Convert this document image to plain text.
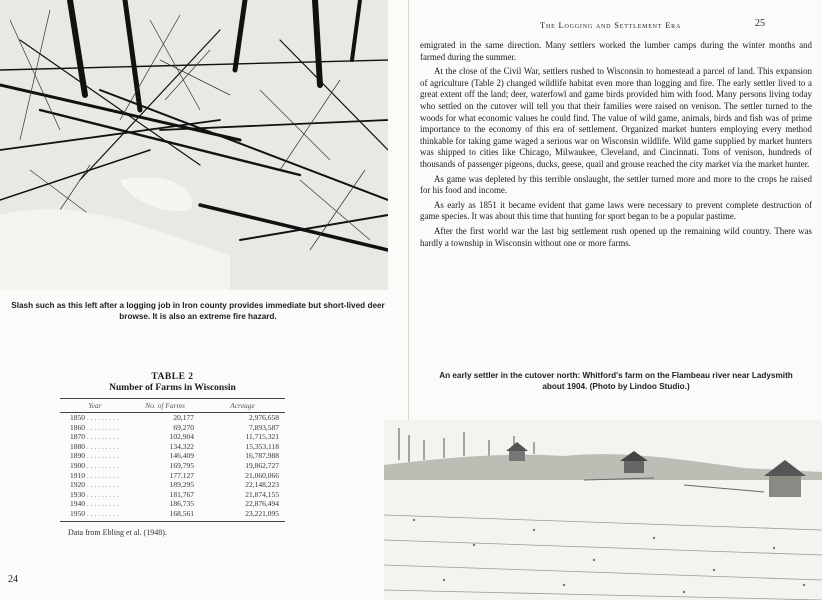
Slash such as this left after a logging job in Iron county provides immediate but short-lived deer browse. It is also an extreme fire hazard.
TABLE 2
Number of Farms in Wisconsin
Year	No. of Farms	Acreage
1850 . . .	20,177	2,976,658
1860 . . .	69,270	7,893,587
1870 . . .	102,904	11,715,321
1880 . . .	134,322	15,353,118
1890 . . .	146,409	16,787,988
1900 . . .	169,795	19,862,727
1910 . . .	177,127	21,060,066
1920 . . .	189,295	22,148,223
1930 . . .	181,767	21,874,155
1940 . . .	186,735	22,876,494
1950 . . .	168,561	23,221,095
Data from Ebling et al. (1948).
24
The Logging and Settlement Era	25

emigrated in the same direction. Many settlers worked the lumber camps during the winter months and farmed during the summer.

At the close of the Civil War, settlers rushed to Wisconsin to homestead a parcel of land. This expansion of agriculture (Table 2) changed wildlife habitat even more than logging and fire. The early settler lived to a great extent off the land; deer, waterfowl and game birds provided him with food. Many persons living today who settled on the cutover will tell you that their families were raised on venison. The settler turned to the woods for what economic values he could find. The value of wild game, animals, birds and fish was of prime importance to the economy of this era of settlement. Organized market hunters employing every method thinkable for taking game waged a serious war on Wisconsin wildlife. Wild game supplied by market hunters was shipped to cities like Chicago, Milwaukee, Cleveland, and Cincinnati. Tons of venison, hundreds of thousands of passenger pigeons, ducks, geese, quail and grouse reached the city market via the market hunter.

As game was depleted by this terrible onslaught, the settler turned more and more to the crops he raised for his food and income.

As early as 1851 it became evident that game laws were necessary to prevent complete destruction of game species. It was about this time that hunting for sport began to be a popular pastime.

After the first world war the last big settlement rush opened up the remaining wild country. There was hardly a township in Wisconsin without one or more farms.

An early settler in the cutover north: Whitford's farm on the Flambeau river near Ladysmith about 1904. (Photo by Lindoo Studio.)
